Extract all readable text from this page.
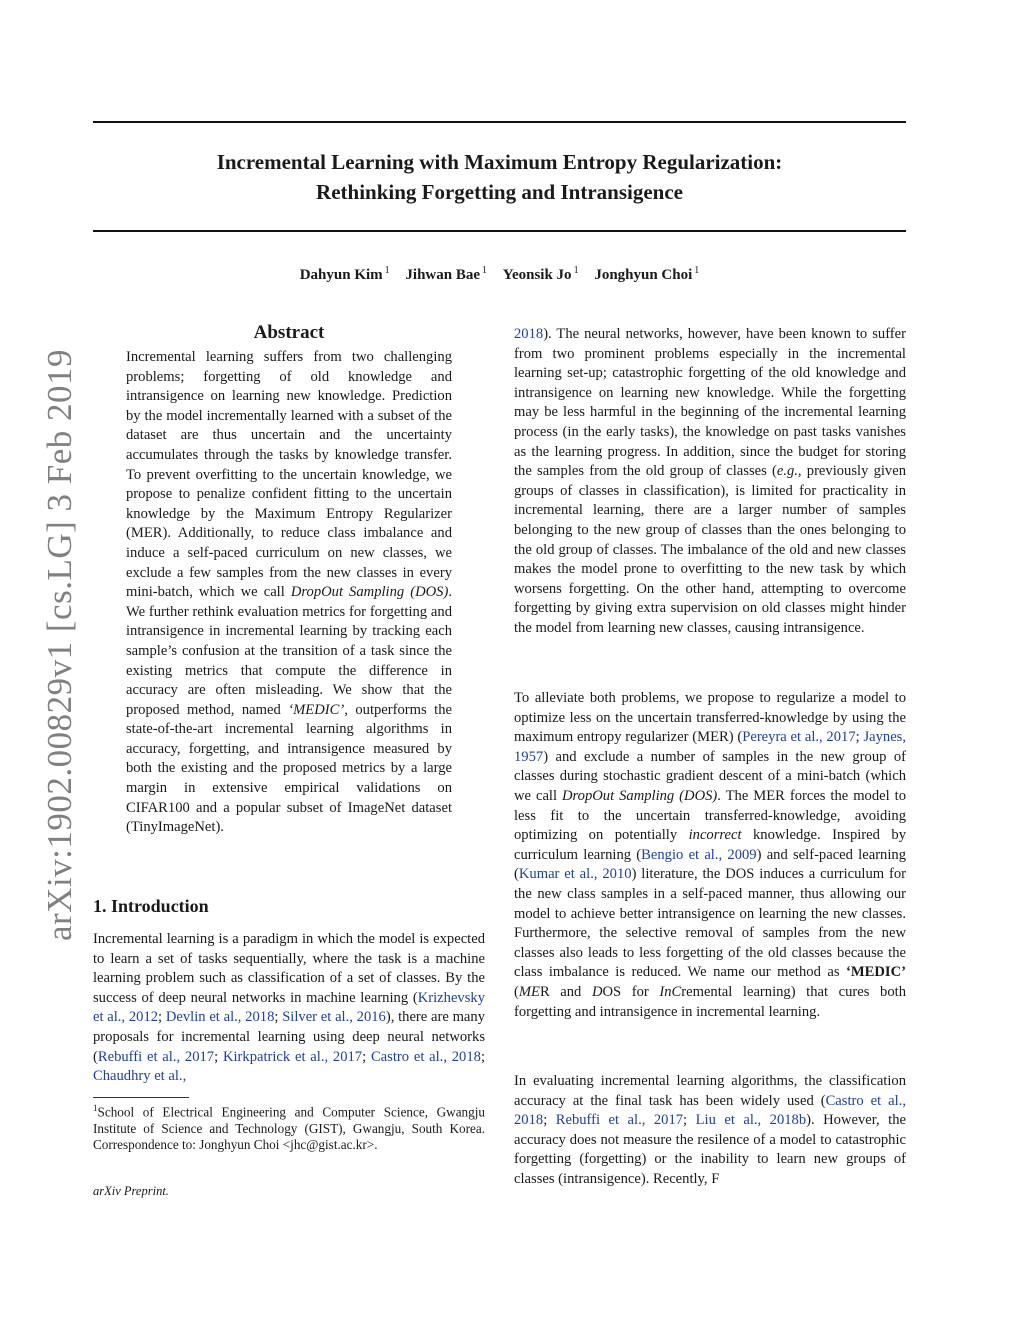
Incremental Learning with Maximum Entropy Regularization:
Rethinking Forgetting and Intransigence
Dahyun Kim $^1$ Jihwan Bae $^1$ Yeonsik Jo $^1$ Jonghyun Choi $^1$
arXiv:1902.00829v1 [cs.LG] 3 Feb 2019
Abstract

Incremental learning suffers from two challenging problems; forgetting of old knowledge and intransigence on learning new knowledge. Prediction by the model incrementally learned with a subset of the dataset are thus uncertain and the uncertainty accumulates through the tasks by knowledge transfer. To prevent overfitting to the uncertain knowledge, we propose to penalize confident fitting to the uncertain knowledge by the Maximum Entropy Regularizer (MER). Additionally, to reduce class imbalance and induce a self-paced curriculum on new classes, we exclude a few samples from the new classes in every mini-batch, which we call DropOut Sampling (DOS). We further rethink evaluation metrics for forgetting and intransigence in incremental learning by tracking each sample’s confusion at the transition of a task since the existing metrics that compute the difference in accuracy are often misleading. We show that the proposed method, named ‘MEDIC’, outperforms the state-of-the-art incremental learning algorithms in accuracy, forgetting, and intransigence measured by both the existing and the proposed metrics by a large margin in extensive empirical validations on CIFAR100 and a popular subset of ImageNet dataset (TinyImageNet).

1. Introduction

Incremental learning is a paradigm in which the model is expected to learn a set of tasks sequentially, where the task is a machine learning problem such as classification of a set of classes. By the success of deep neural networks in machine learning (Krizhevsky et al., 2012; Devlin et al., 2018; Silver et al., 2016), there are many proposals for incremental learning using deep neural networks (Rebuffi et al., 2017; Kirkpatrick et al., 2017; Castro et al., 2018; Chaudhry et al.,

$^1$School of Electrical Engineering and Computer Science, Gwangju Institute of Science and Technology (GIST), Gwangju, South Korea. Correspondence to: Jonghyun Choi <jhc@gist.ac.kr>.
arXiv Preprint.

2018). The neural networks, however, have been known to suffer from two prominent problems especially in the incremental learning set-up; catastrophic forgetting of the old knowledge and intransigence on learning new knowledge. While the forgetting may be less harmful in the beginning of the incremental learning process (in the early tasks), the knowledge on past tasks vanishes as the learning progress. In addition, since the budget for storing the samples from the old group of classes (e.g., previously given groups of classes in classification), is limited for practicality in incremental learning, there are a larger number of samples belonging to the new group of classes than the ones belonging to the old group of classes. The imbalance of the old and new classes makes the model prone to overfitting to the new task by which worsens forgetting. On the other hand, attempting to overcome forgetting by giving extra supervision on old classes might hinder the model from learning new classes, causing intransigence.

To alleviate both problems, we propose to regularize a model to optimize less on the uncertain transferred-knowledge by using the maximum entropy regularizer (MER) (Pereyra et al., 2017; Jaynes, 1957) and exclude a number of samples in the new group of classes during stochastic gradient descent of a mini-batch (which we call DropOut Sampling (DOS). The MER forces the model to less fit to the uncertain transferred-knowledge, avoiding optimizing on potentially incorrect knowledge. Inspired by curriculum learning (Bengio et al., 2009) and self-paced learning (Kumar et al., 2010) literature, the DOS induces a curriculum for the new class samples in a self-paced manner, thus allowing our model to achieve better intransigence on learning the new classes. Furthermore, the selective removal of samples from the new classes also leads to less forgetting of the old classes because the class imbalance is reduced. We name our method as ‘MEDIC’ (MER and DOS for InCremental learning) that cures both forgetting and intransigence in incremental learning.

In evaluating incremental learning algorithms, the classification accuracy at the final task has been widely used (Castro et al., 2018; Rebuffi et al., 2017; Liu et al., 2018b). However, the accuracy does not measure the resilence of a model to catastrophic forgetting (forgetting) or the inability to learn new groups of classes (intransigence). Recently, F
